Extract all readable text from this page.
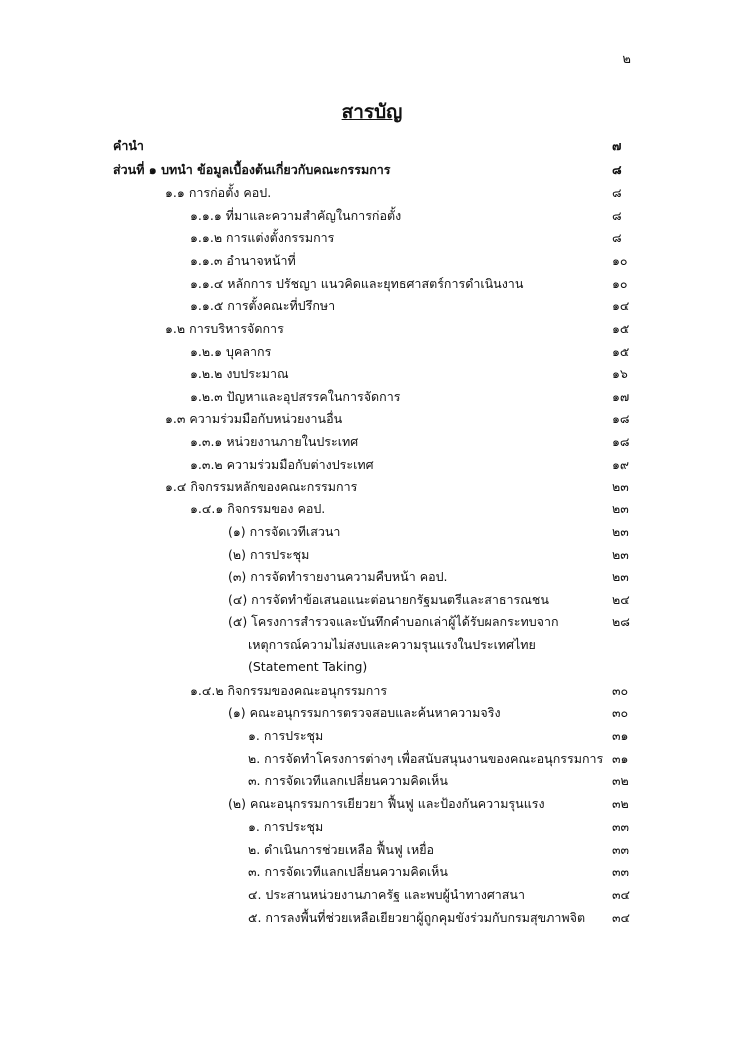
๒
สารบัญ
คำนำ	๗
ส่วนที่ ๑ บทนำ ข้อมูลเบื้องต้นเกี่ยวกับคณะกรรมการ	๘
๑.๑ การก่อตั้ง คอป.	๘
๑.๑.๑ ที่มาและความสำคัญในการก่อตั้ง	๘
๑.๑.๒ การแต่งตั้งกรรมการ	๘
๑.๑.๓ อำนาจหน้าที่	๑๐
๑.๑.๔ หลักการ ปรัชญา แนวคิดและยุทธศาสตร์การดำเนินงาน	๑๐
๑.๑.๕ การตั้งคณะที่ปรึกษา	๑๔
๑.๒ การบริหารจัดการ	๑๕
๑.๒.๑ บุคลากร	๑๕
๑.๒.๒ งบประมาณ	๑๖
๑.๒.๓ ปัญหาและอุปสรรคในการจัดการ	๑๗
๑.๓ ความร่วมมือกับหน่วยงานอื่น	๑๘
๑.๓.๑ หน่วยงานภายในประเทศ	๑๘
๑.๓.๒ ความร่วมมือกับต่างประเทศ	๑๙
๑.๔ กิจกรรมหลักของคณะกรรมการ	๒๓
๑.๔.๑ กิจกรรมของ คอป.	๒๓
(๑) การจัดเวทีเสวนา	๒๓
(๒) การประชุม	๒๓
(๓) การจัดทำรายงานความคืบหน้า คอป.	๒๓
(๔) การจัดทำข้อเสนอแนะต่อนายกรัฐมนตรีและสาธารณชน	๒๔
(๕) โครงการสำรวจและบันทึกคำบอกเล่าผู้ได้รับผลกระทบจาก	๒๘
เหตุการณ์ความไม่สงบและความรุนแรงในประเทศไทย
(Statement Taking)
๑.๔.๒ กิจกรรมของคณะอนุกรรมการ	๓๐
(๑) คณะอนุกรรมการตรวจสอบและค้นหาความจริง	๓๐
๑. การประชุม	๓๑
๒. การจัดทำโครงการต่างๆ เพื่อสนับสนุนงานของคณะอนุกรรมการ ๓๑
๓. การจัดเวทีแลกเปลี่ยนความคิดเห็น	๓๒
(๒) คณะอนุกรรมการเยียวยา ฟื้นฟู และป้องกันความรุนแรง	๓๒
๑. การประชุม	๓๓
๒. ดำเนินการช่วยเหลือ ฟื้นฟู เหยื่อ	๓๓
๓. การจัดเวทีแลกเปลี่ยนความคิดเห็น	๓๓
๔. ประสานหน่วยงานภาครัฐ และพบผู้นำทางศาสนา	๓๔
๕. การลงพื้นที่ช่วยเหลือเยียวยาผู้ถูกคุมขังร่วมกับกรมสุขภาพจิต ๓๔
